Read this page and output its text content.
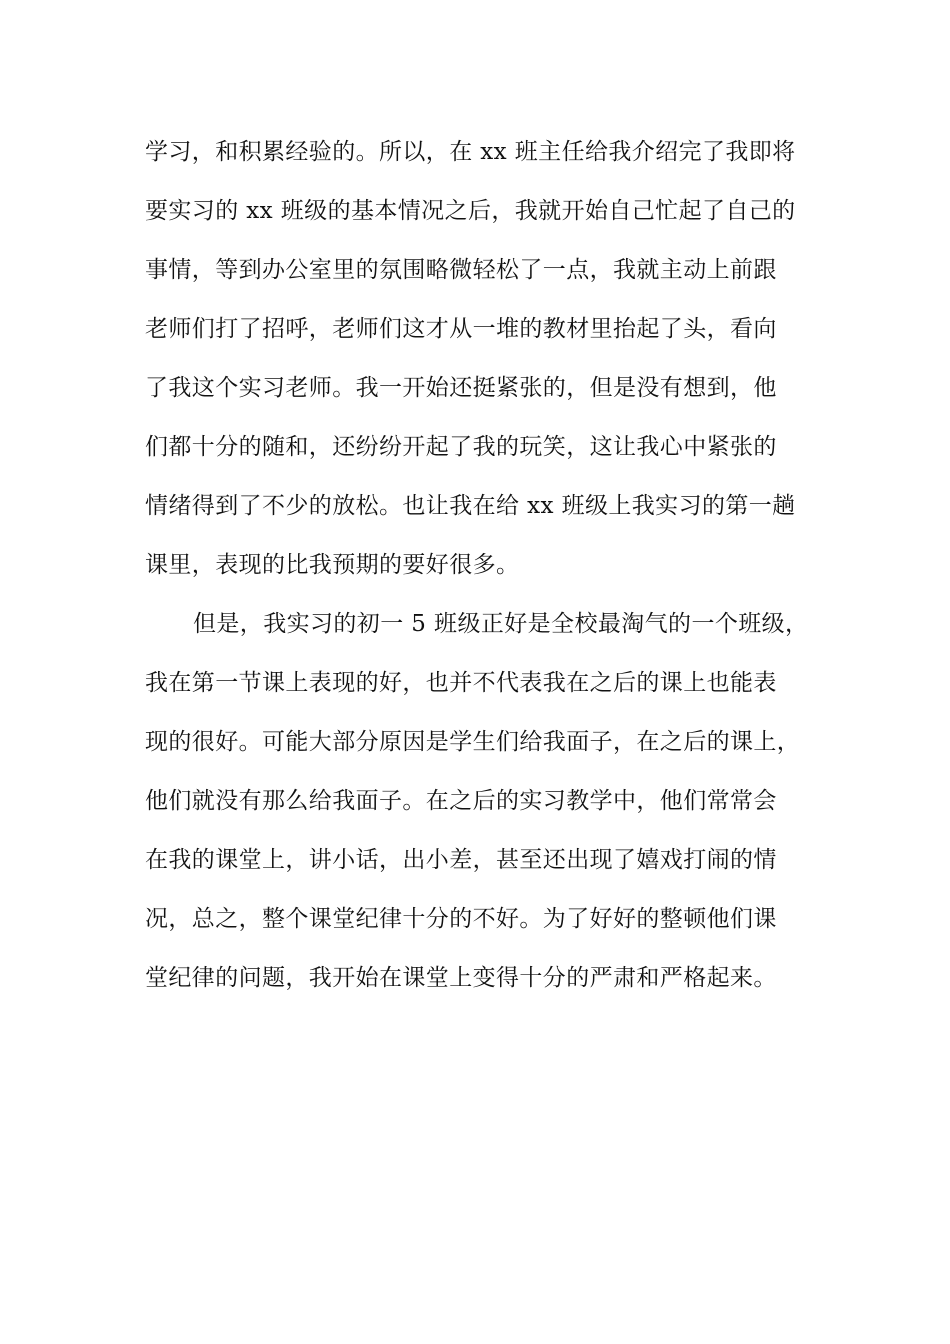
学习，和积累经验的。所以，在 xx 班主任给我介绍完了我即将
要实习的 xx 班级的基本情况之后，我就开始自己忙起了自己的
事情，等到办公室里的氛围略微轻松了一点，我就主动上前跟
老师们打了招呼，老师们这才从一堆的教材里抬起了头，看向
了我这个实习老师。我一开始还挺紧张的，但是没有想到，他
们都十分的随和，还纷纷开起了我的玩笑，这让我心中紧张的
情绪得到了不少的放松。也让我在给 xx 班级上我实习的第一趟
课里，表现的比我预期的要好很多。
但是，我实习的初一 5 班级正好是全校最淘气的一个班级，
我在第一节课上表现的好，也并不代表我在之后的课上也能表
现的很好。可能大部分原因是学生们给我面子，在之后的课上，
他们就没有那么给我面子。在之后的实习教学中，他们常常会
在我的课堂上，讲小话，出小差，甚至还出现了嬉戏打闹的情
况，总之，整个课堂纪律十分的不好。为了好好的整顿他们课
堂纪律的问题，我开始在课堂上变得十分的严肃和严格起来。
